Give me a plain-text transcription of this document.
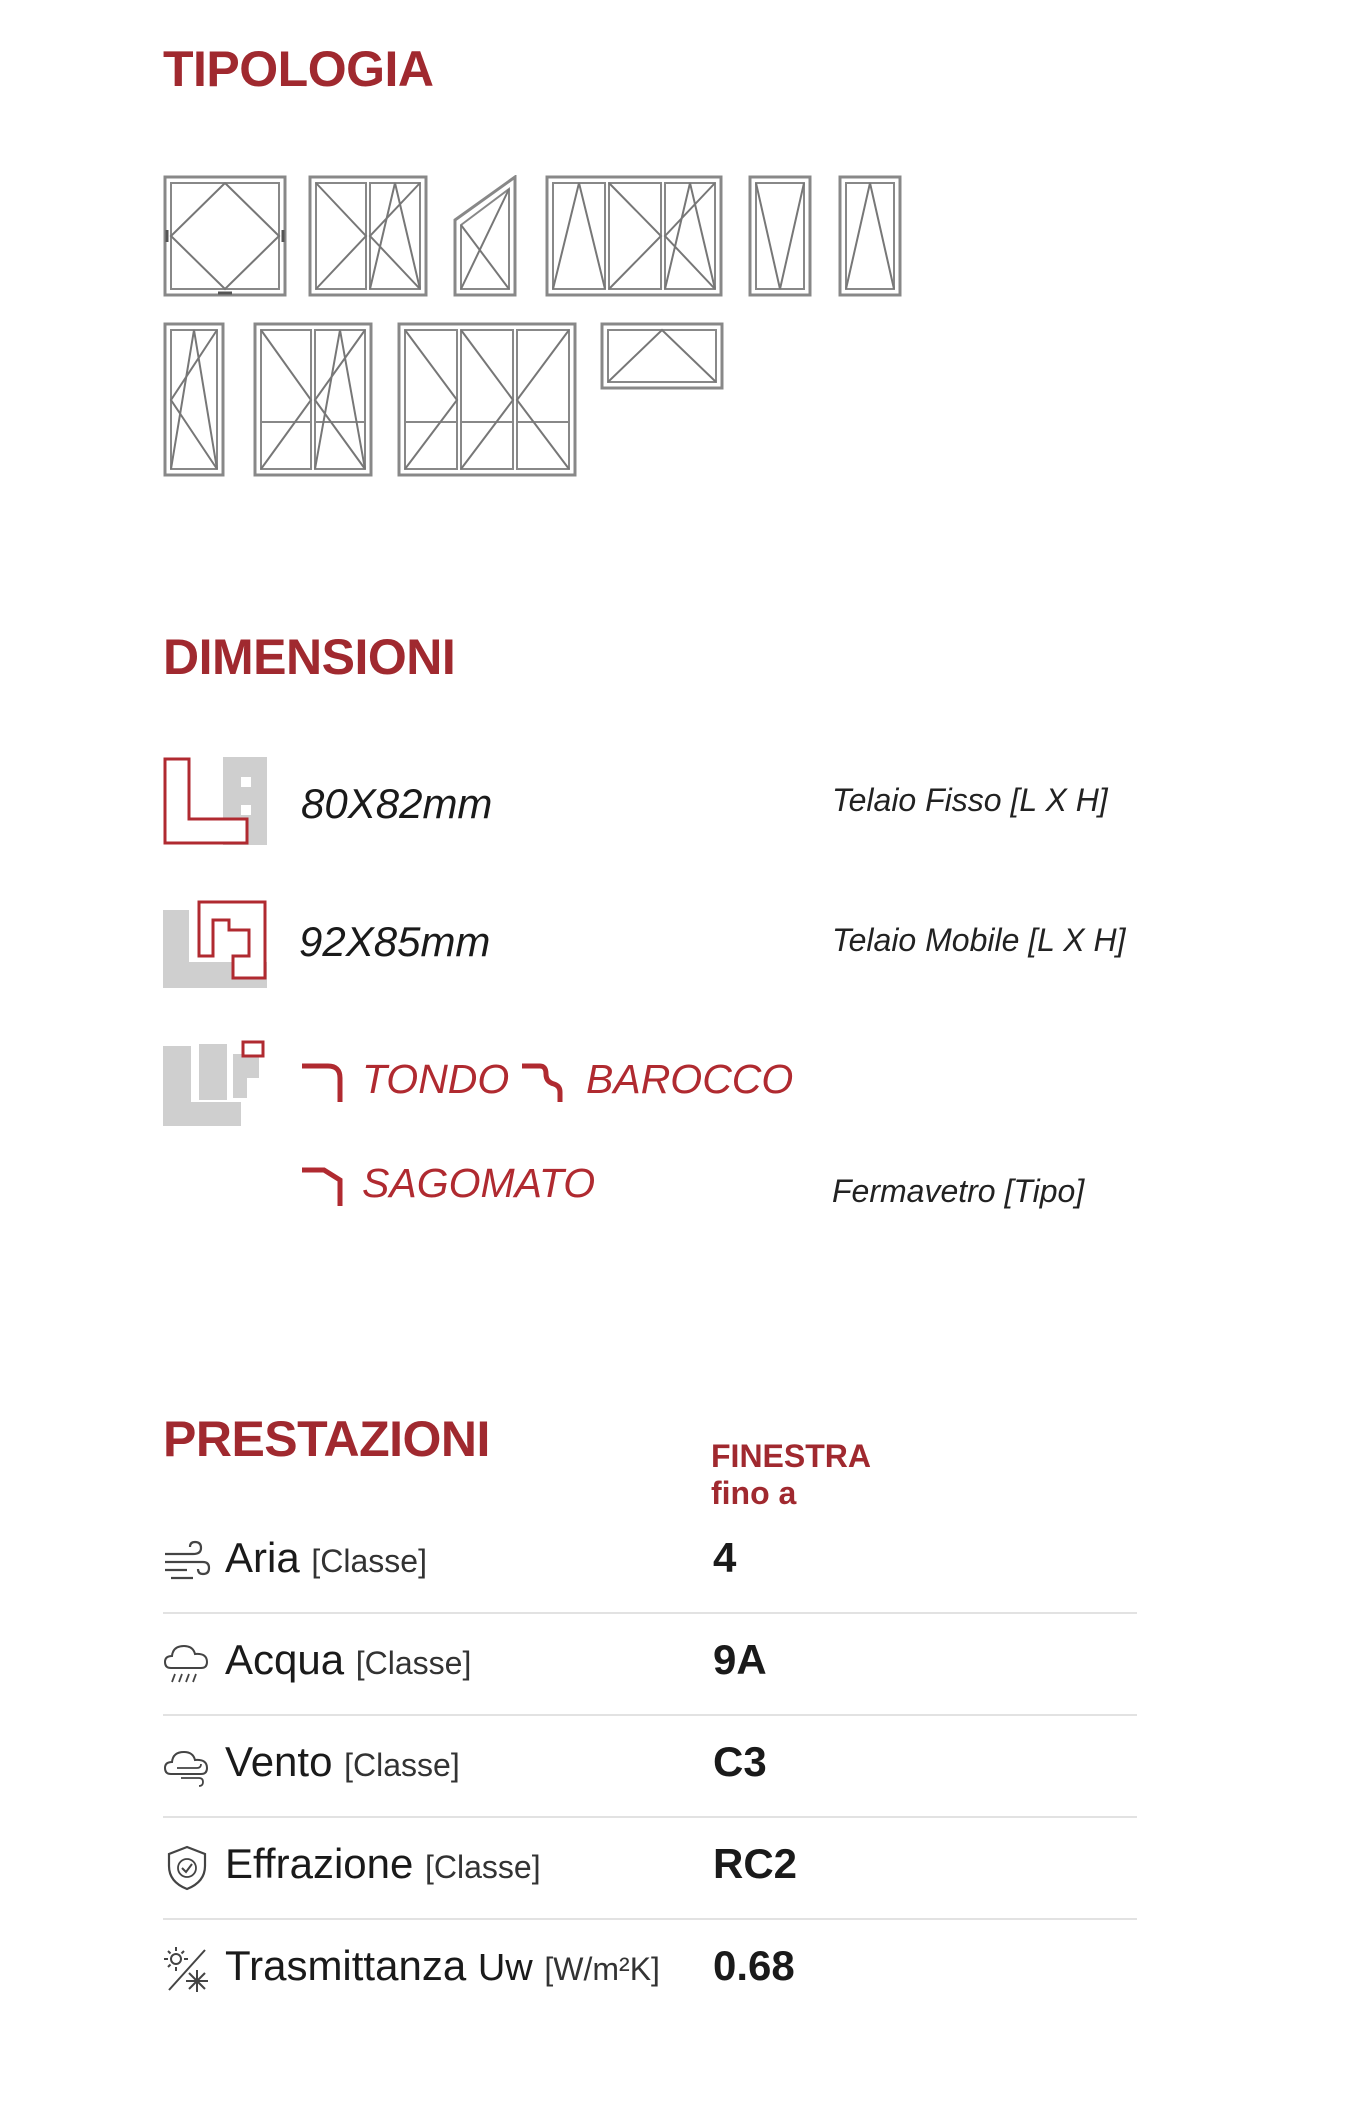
TIPOLOGIA
DIMENSIONI
80X82mm	Telaio Fisso [L X H]
92X85mm	Telaio Mobile [L X H]
TONDO BAROCCO
SAGOMATO	Fermavetro [Tipo]
PRESTAZIONI	FINESTRA
fino a
Aria [Classe]	4
Acqua [Classe]	9A
Vento [Classe]	C3
Effrazione [Classe]	RC2
Trasmittanza Uw [W/m²K] 0.68
